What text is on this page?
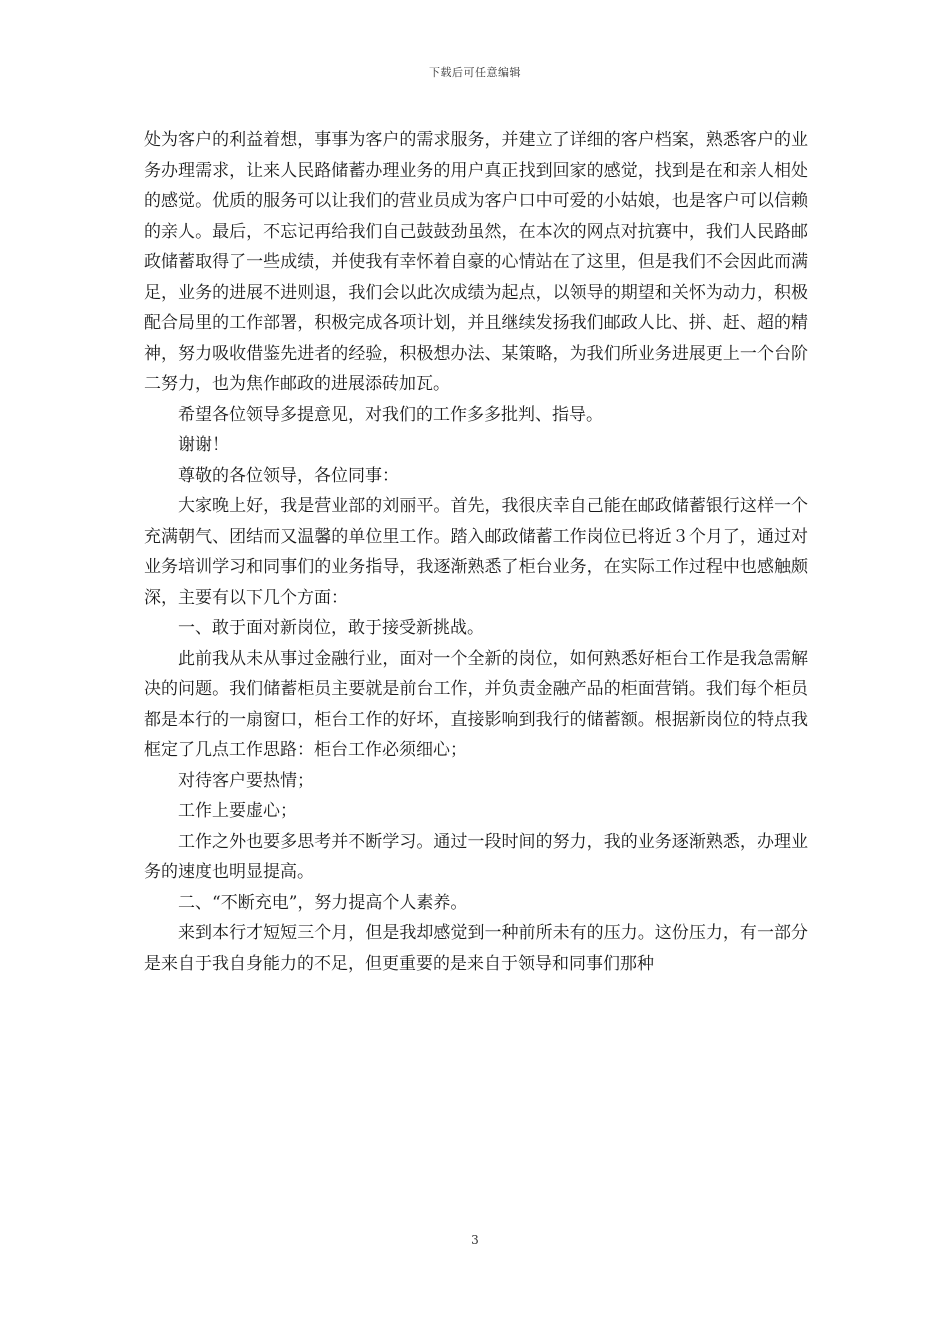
下载后可任意编辑

处为客户的利益着想，事事为客户的需求服务，并建立了详细的客户档案，熟悉客户的业务办理需求，让来人民路储蓄办理业务的用户真正找到回家的感觉，找到是在和亲人相处的感觉。优质的服务可以让我们的营业员成为客户口中可爱的小姑娘，也是客户可以信赖的亲人。最后，不忘记再给我们自己鼓鼓劲虽然，在本次的网点对抗赛中，我们人民路邮政储蓄取得了一些成绩，并使我有幸怀着自豪的心情站在了这里，但是我们不会因此而满足，业务的进展不进则退，我们会以此次成绩为起点，以领导的期望和关怀为动力，积极配合局里的工作部署，积极完成各项计划，并且继续发扬我们邮政人比、拼、赶、超的精神，努力吸收借鉴先进者的经验，积极想办法、某策略，为我们所业务进展更上一个台阶二努力，也为焦作邮政的进展添砖加瓦。

希望各位领导多提意见，对我们的工作多多批判、指导。

谢谢！

尊敬的各位领导，各位同事：

大家晚上好，我是营业部的刘丽平。首先，我很庆幸自己能在邮政储蓄银行这样一个充满朝气、团结而又温馨的单位里工作。踏入邮政储蓄工作岗位已将近３个月了，通过对业务培训学习和同事们的业务指导，我逐渐熟悉了柜台业务，在实际工作过程中也感触颇深，主要有以下几个方面：

一、敢于面对新岗位，敢于接受新挑战。

此前我从未从事过金融行业，面对一个全新的岗位，如何熟悉好柜台工作是我急需解决的问题。我们储蓄柜员主要就是前台工作，并负责金融产品的柜面营销。我们每个柜员都是本行的一扇窗口，柜台工作的好坏，直接影响到我行的储蓄额。根据新岗位的特点我框定了几点工作思路：柜台工作必须细心；

对待客户要热情；

工作上要虚心；

工作之外也要多思考并不断学习。通过一段时间的努力，我的业务逐渐熟悉，办理业务的速度也明显提高。

二、“不断充电”，努力提高个人素养。

来到本行才短短三个月，但是我却感觉到一种前所未有的压力。这份压力，有一部分是来自于我自身能力的不足，但更重要的是来自于领导和同事们那种

3
